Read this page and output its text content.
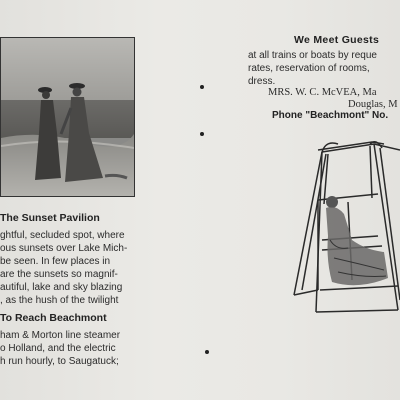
The Sunset Pavilion
ghtful, secluded spot, where
ous sunsets over Lake Mich-
be seen. In few places in
are the sunsets so magnif-
autiful, lake and sky blazing
, as the hush of the twilight
To Reach Beachmont
ham & Morton line steamer
o Holland, and the electric
h run hourly, to Saugatuck;
We Meet Guests
at all trains or boats by reque
rates, reservation of rooms,
dress.
MRS. W. C. McVEA, Ma
Douglas, M
Phone "Beachmont" No.
